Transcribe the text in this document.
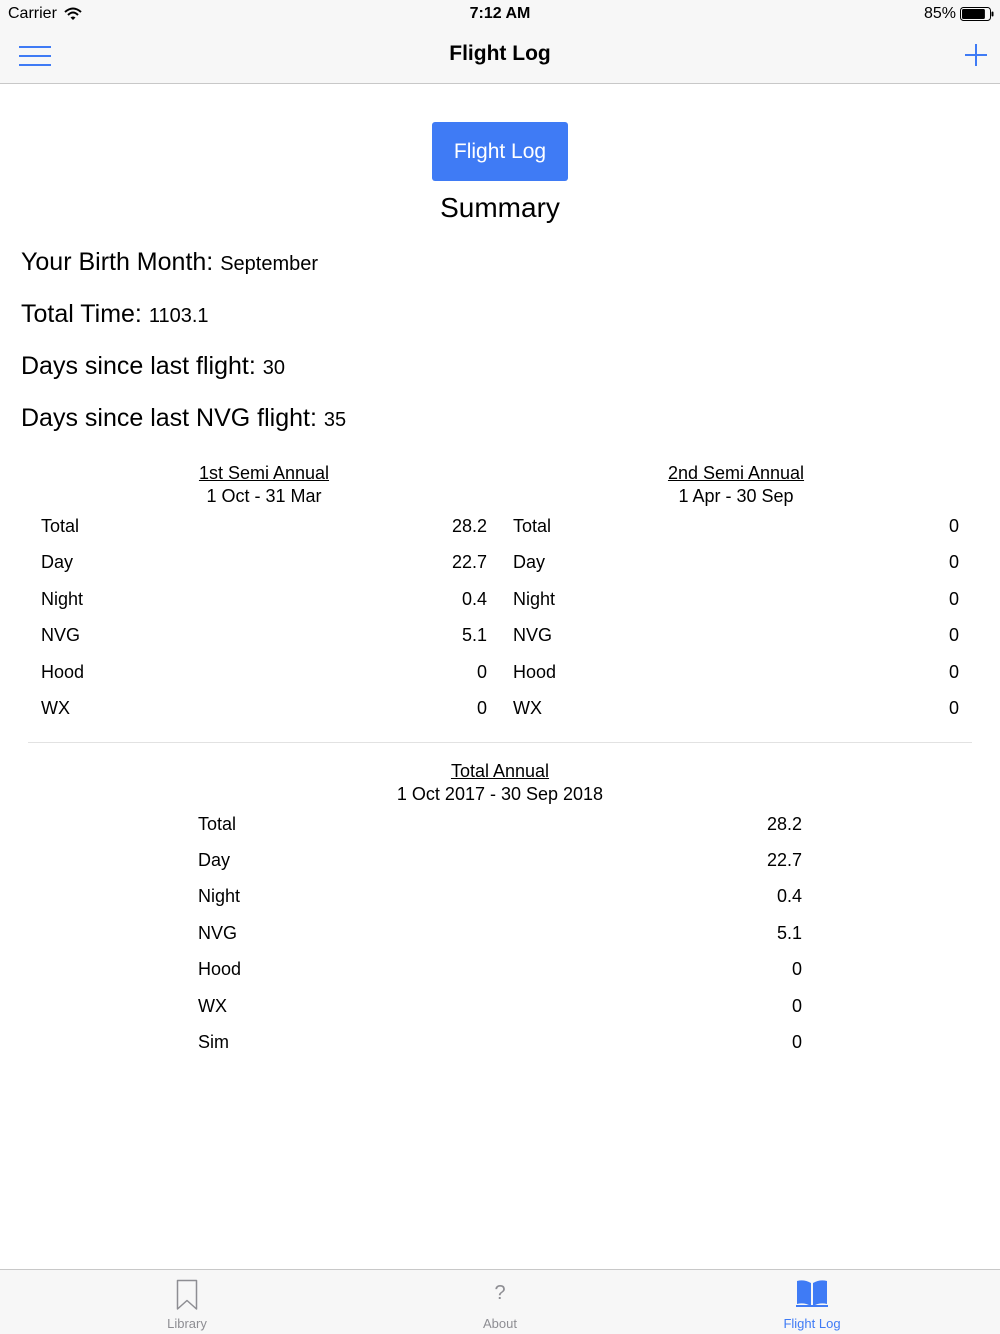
Carrier	7:12 AM	85%
Flight Log
Flight Log
Summary
Your Birth Month: September
Total Time: 1103.1
Days since last flight: 30
Days since last NVG flight: 35
1st Semi Annual
1 Oct - 31 Mar
Total	28.2
Day	22.7
Night	0.4
NVG	5.1
Hood	0
WX	0
2nd Semi Annual
1 Apr - 30 Sep
Total	0
Day	0
Night	0
NVG	0
Hood	0
WX	0
Total Annual
1 Oct 2017 - 30 Sep 2018
Total	28.2
Day	22.7
Night	0.4
NVG	5.1
Hood	0
WX	0
Sim	0
Library
?
About	Flight Log
